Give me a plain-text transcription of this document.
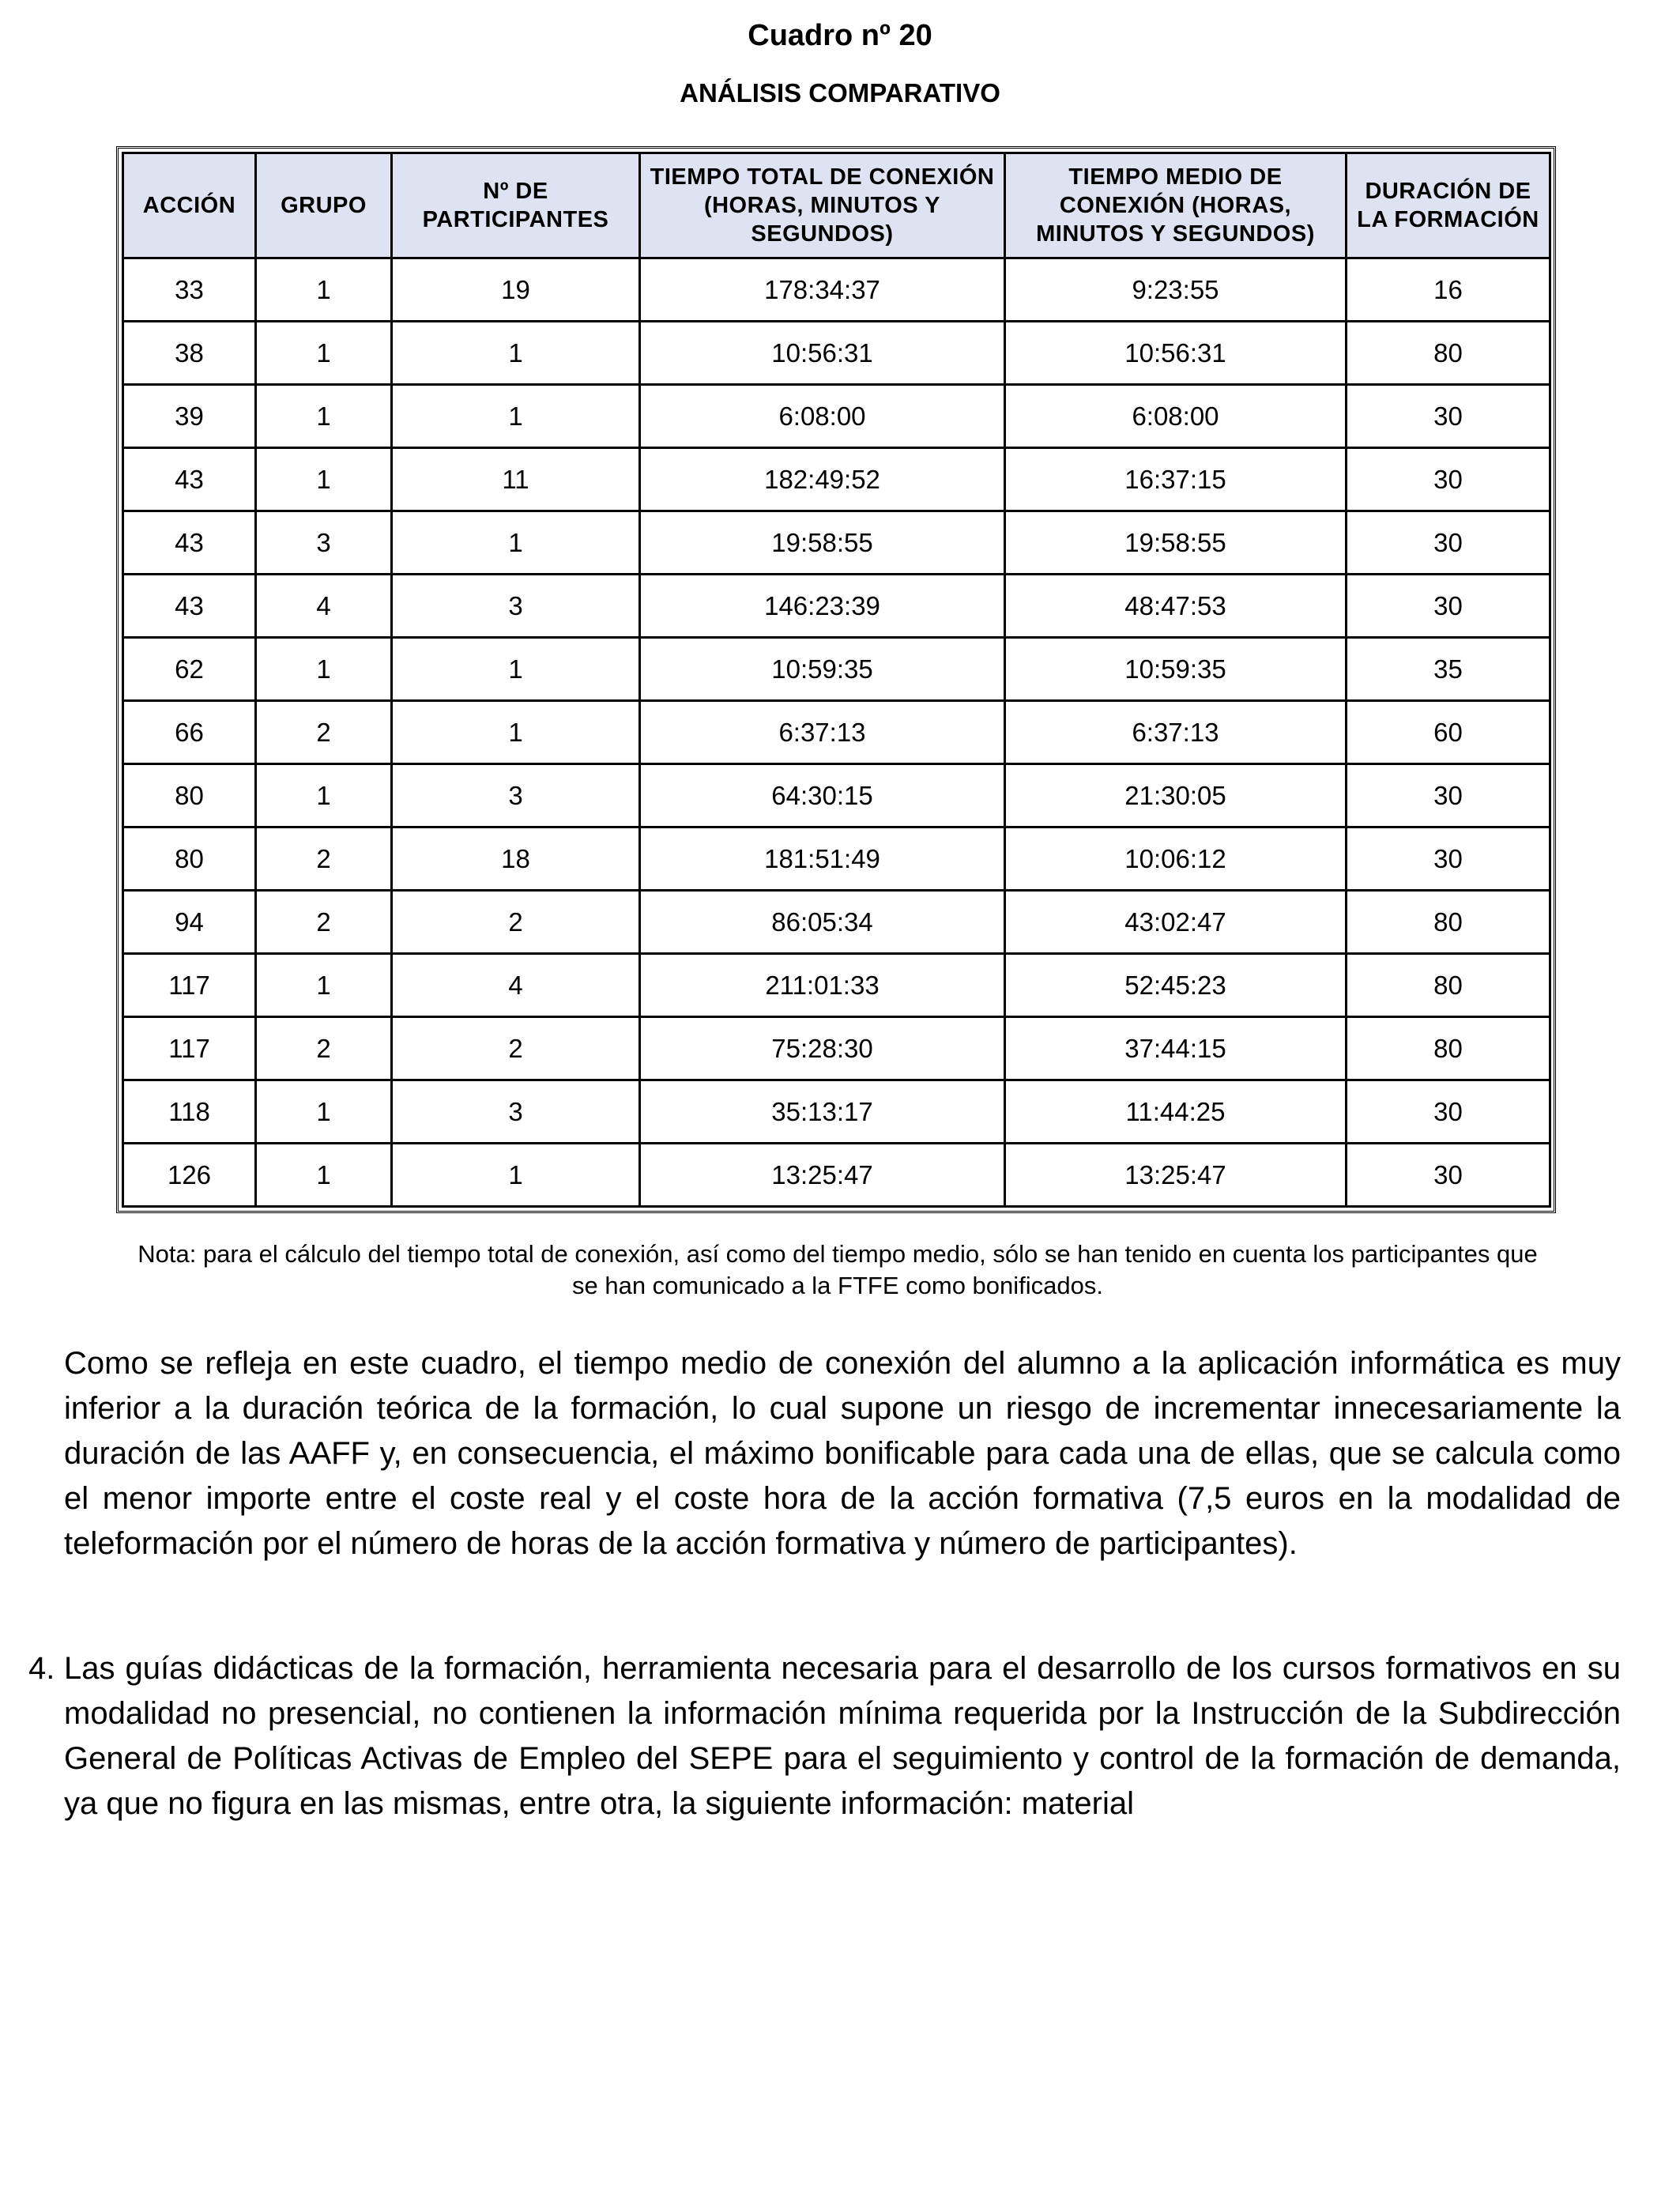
Cuadro nº 20
ANÁLISIS COMPARATIVO
ACCIÓN	GRUPO	Nº DE PARTICIPANTES	TIEMPO TOTAL DE CONEXIÓN (HORAS, MINUTOS Y SEGUNDOS)	TIEMPO MEDIO DE CONEXIÓN (HORAS, MINUTOS Y SEGUNDOS)	DURACIÓN DE LA FORMACIÓN
33	1	19	178:34:37	9:23:55	16
38	1	1	10:56:31	10:56:31	80
39	1	1	6:08:00	6:08:00	30
43	1	11	182:49:52	16:37:15	30
43	3	1	19:58:55	19:58:55	30
43	4	3	146:23:39	48:47:53	30
62	1	1	10:59:35	10:59:35	35
66	2	1	6:37:13	6:37:13	60
80	1	3	64:30:15	21:30:05	30
80	2	18	181:51:49	10:06:12	30
94	2	2	86:05:34	43:02:47	80
117	1	4	211:01:33	52:45:23	80
117	2	2	75:28:30	37:44:15	80
118	1	3	35:13:17	11:44:25	30
126	1	1	13:25:47	13:25:47	30
Nota: para el cálculo del tiempo total de conexión, así como del tiempo medio, sólo se han tenido en cuenta los participantes que se han comunicado a la FTFE como bonificados.
Como se refleja en este cuadro, el tiempo medio de conexión del alumno a la aplicación informática es muy inferior a la duración teórica de la formación, lo cual supone un riesgo de incrementar innecesariamente la duración de las AAFF y, en consecuencia, el máximo bonificable para cada una de ellas, que se calcula como el menor importe entre el coste real y el coste hora de la acción formativa (7,5 euros en la modalidad de teleformación por el número de horas de la acción formativa y número de participantes).
4. Las guías didácticas de la formación, herramienta necesaria para el desarrollo de los cursos formativos en su modalidad no presencial, no contienen la información mínima requerida por la Instrucción de la Subdirección General de Políticas Activas de Empleo del SEPE para el seguimiento y control de la formación de demanda, ya que no figura en las mismas, entre otra, la siguiente información: material
